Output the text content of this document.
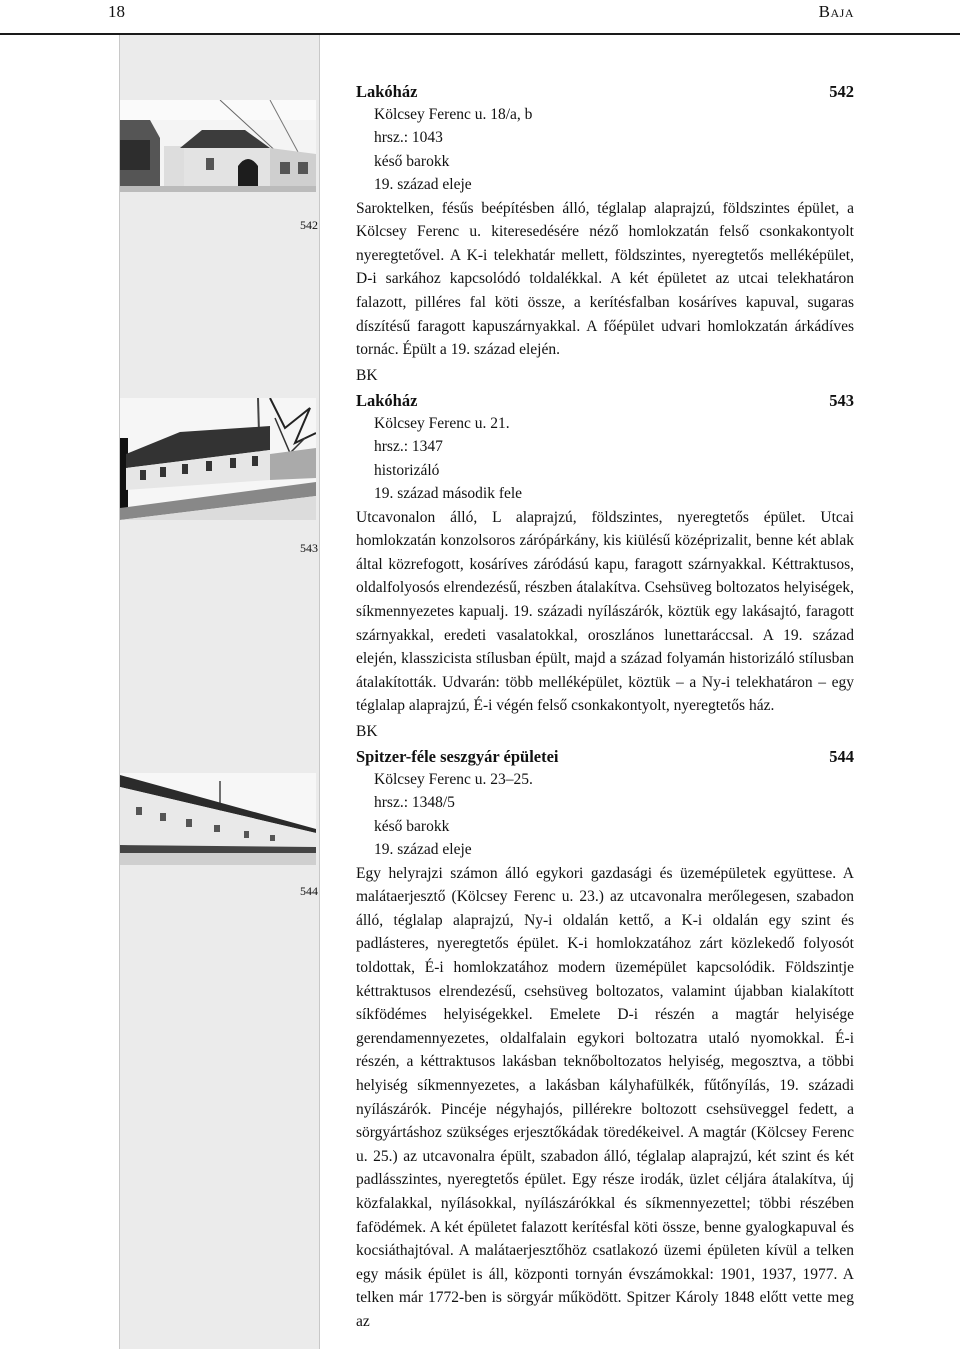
18	Baja
542
543
544
Lakóház	542
Kölcsey Ferenc u. 18/a, b
hrsz.: 1043
késő barokk
19. század eleje
Saroktelken, fésűs beépítésben álló, téglalap alaprajzú, földszintes épület, a Kölcsey Ferenc u. kiteresedésére néző homlokzatán felső csonkakontyolt nyeregtetővel. A K-i telekhatár mellett, földszintes, nyeregtetős melléképület, D-i sarkához kapcsolódó toldalékkal. A két épületet az utcai telekhatáron falazott, pilléres fal köti össze, a kerítésfalban kosáríves kapuval, sugaras díszítésű faragott kapuszárnyakkal. A főépület udvari homlokzatán árkádíves tornác. Épült a 19. század elején.
BK
Lakóház	543
Kölcsey Ferenc u. 21.
hrsz.: 1347
historizáló
19. század második fele
Utcavonalon álló, L alaprajzú, földszintes, nyeregtetős épület. Utcai homlokzatán konzolsoros zárópárkány, kis kiülésű középrizalit, benne két ablak által közrefogott, kosáríves záródású kapu, faragott szárnyakkal. Kéttraktusos, oldalfolyosós elrendezésű, részben átalakítva. Csehsüveg boltozatos helyiségek, síkmennyezetes kapualj. 19. századi nyílászárók, köztük egy lakásajtó, faragott szárnyakkal, eredeti vasalatokkal, oroszlános lunettaráccsal. A 19. század elején, klasszicista stílusban épült, majd a század folyamán historizáló stílusban átalakították. Udvarán: több melléképület, köztük – a Ny-i telekhatáron – egy téglalap alaprajzú, É-i végén felső csonkakontyolt, nyeregtetős ház.
BK
Spitzer-féle seszgyár épületei	544
Kölcsey Ferenc u. 23–25.
hrsz.: 1348/5
késő barokk
19. század eleje
Egy helyrajzi számon álló egykori gazdasági és üzemépületek együttese. A malátaerjesztő (Kölcsey Ferenc u. 23.) az utcavonalra merőlegesen, szabadon álló, téglalap alaprajzú, Ny-i oldalán kettő, a K-i oldalán egy szint és padlásteres, nyeregtetős épület. K-i homlokzatához zárt közlekedő folyosót toldottak, É-i homlokzatához modern üzemépület kapcsolódik. Földszintje kéttraktusos elrendezésű, csehsüveg boltozatos, valamint újabban kialakított síkfödémes helyiségekkel. Emelete D-i részén a magtár helyisége gerendamennyezetes, oldalfalain egykori boltozatra utaló nyomokkal. É-i részén, a kéttraktusos lakásban teknőboltozatos helyiség, megosztva, a többi helyiség síkmennyezetes, a lakásban kályhafülkék, fűtőnyílás, 19. századi nyílászárók. Pincéje négyhajós, pillérekre boltozott csehsüveggel fedett, a sörgyártáshoz szükséges erjesztőkádak töredékeivel. A magtár (Kölcsey Ferenc u. 25.) az utcavonalra épült, szabadon álló, téglalap alaprajzú, két szint és két padlásszintes, nyeregtetős épület. Egy része irodák, üzlet céljára átalakítva, új közfalakkal, nyílásokkal, nyílászárókkal és síkmennyezettel; többi részében fafödémek. A két épületet falazott kerítésfal köti össze, benne gyalogkapuval és kocsiáthajtóval. A malátaerjesztőhöz csatlakozó üzemi épületen kívül a telken egy másik épület is áll, központi tornyán évszámokkal: 1901, 1937, 1977. A telken már 1772-ben is sörgyár működött. Spitzer Károly 1848 előtt vette meg az
